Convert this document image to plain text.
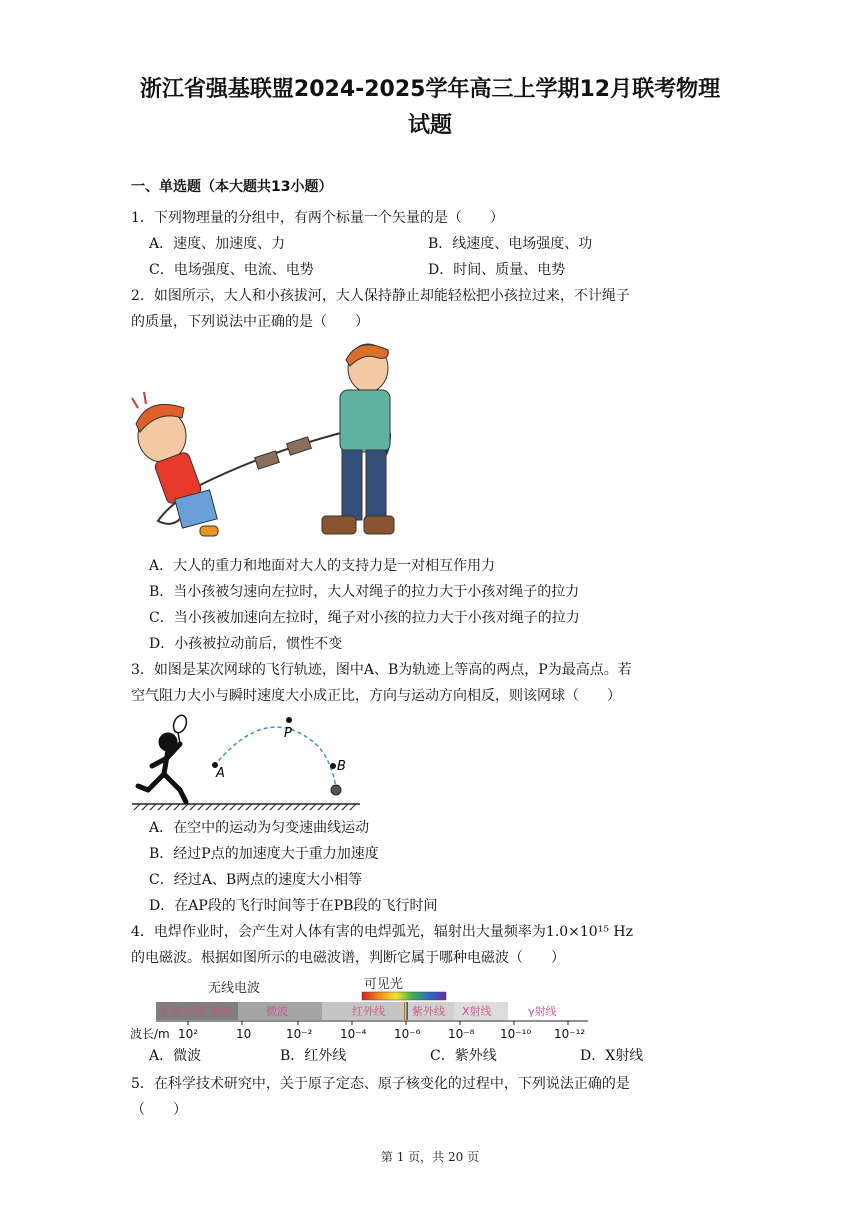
浙江省强基联盟2024-2025学年高三上学期12月联考物理
试题
一、单选题（本大题共13小题）
1．下列物理量的分组中，有两个标量一个矢量的是（　　）
A．速度、加速度、力	B．线速度、电场强度、功
C．电场强度、电流、电势	D．时间、质量、电势
2．如图所示，大人和小孩拔河，大人保持静止却能轻松把小孩拉过来，不计绳子
的质量，下列说法中正确的是（　　）
A．大人的重力和地面对大人的支持力是一对相互作用力
B．当小孩被匀速向左拉时，大人对绳子的拉力大于小孩对绳子的拉力
C．当小孩被加速向左拉时，绳子对小孩的拉力大于小孩对绳子的拉力
D．小孩被拉动前后，惯性不变
3．如图是某次网球的飞行轨迹，图中A、B为轨迹上等高的两点，P为最高点。若
空气阻力大小与瞬时速度大小成正比，方向与运动方向相反，则该网球（　　）
A
P
B
A．在空中的运动为匀变速曲线运动
B．经过P点的加速度大于重力加速度
C．经过A、B两点的速度大小相等
D．在AP段的飞行时间等于在PB段的飞行时间
4．电焊作业时，会产生对人体有害的电焊弧光，辐射出大量频率为1.0×10¹⁵ Hz
的电磁波。根据如图所示的电磁波谱，判断它属于哪种电磁波（　　）
无线电波	可见光
长波 中波 短波	微波	红外线 紫外线 X射线	γ射线
波长/m 10²	10	10⁻² 10⁻⁴ 10⁻⁶ 10⁻⁸ 10⁻¹⁰ 10⁻¹²
A．微波	B．红外线	C．紫外线	D．X射线
5．在科学技术研究中，关于原子定态、原子核变化的过程中，下列说法正确的是
（　　）
第 1 页，共 20 页
